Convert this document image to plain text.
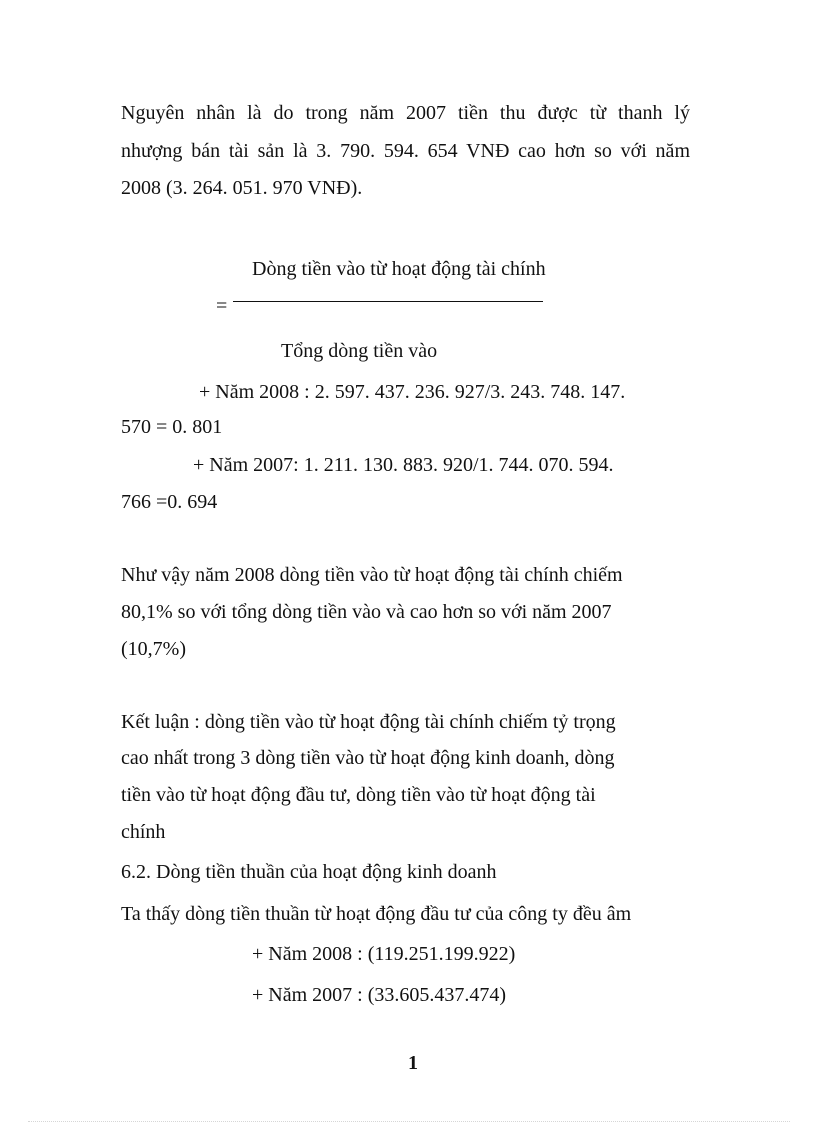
Nguyên nhân là do trong năm 2007 tiền thu được từ thanh lý
nhượng bán tài sản là 3. 790. 594. 654 VNĐ cao hơn so với năm
2008 (3. 264. 051. 970 VNĐ).
Dòng tiền vào từ hoạt động tài chính
=
Tổng dòng tiền vào
+ Năm 2008 : 2. 597. 437. 236. 927/3. 243. 748. 147.
570 = 0. 801
+ Năm 2007: 1. 211. 130. 883. 920/1. 744. 070. 594.
766 =0. 694
Như vậy năm 2008 dòng tiền vào từ hoạt động tài chính chiếm
80,1% so với tổng dòng tiền vào và cao hơn so với năm 2007
(10,7%)
Kết luận : dòng tiền vào từ hoạt động tài chính chiếm tỷ trọng
cao nhất trong 3 dòng tiền vào từ hoạt động kinh doanh, dòng
tiền vào từ hoạt động đầu tư, dòng tiền vào từ hoạt động tài
chính
6.2. Dòng tiền thuần của hoạt động kinh doanh
Ta thấy dòng tiền thuần từ hoạt động đầu tư của công ty đều âm
+ Năm 2008 : (119.251.199.922)
+ Năm 2007 : (33.605.437.474)
1
